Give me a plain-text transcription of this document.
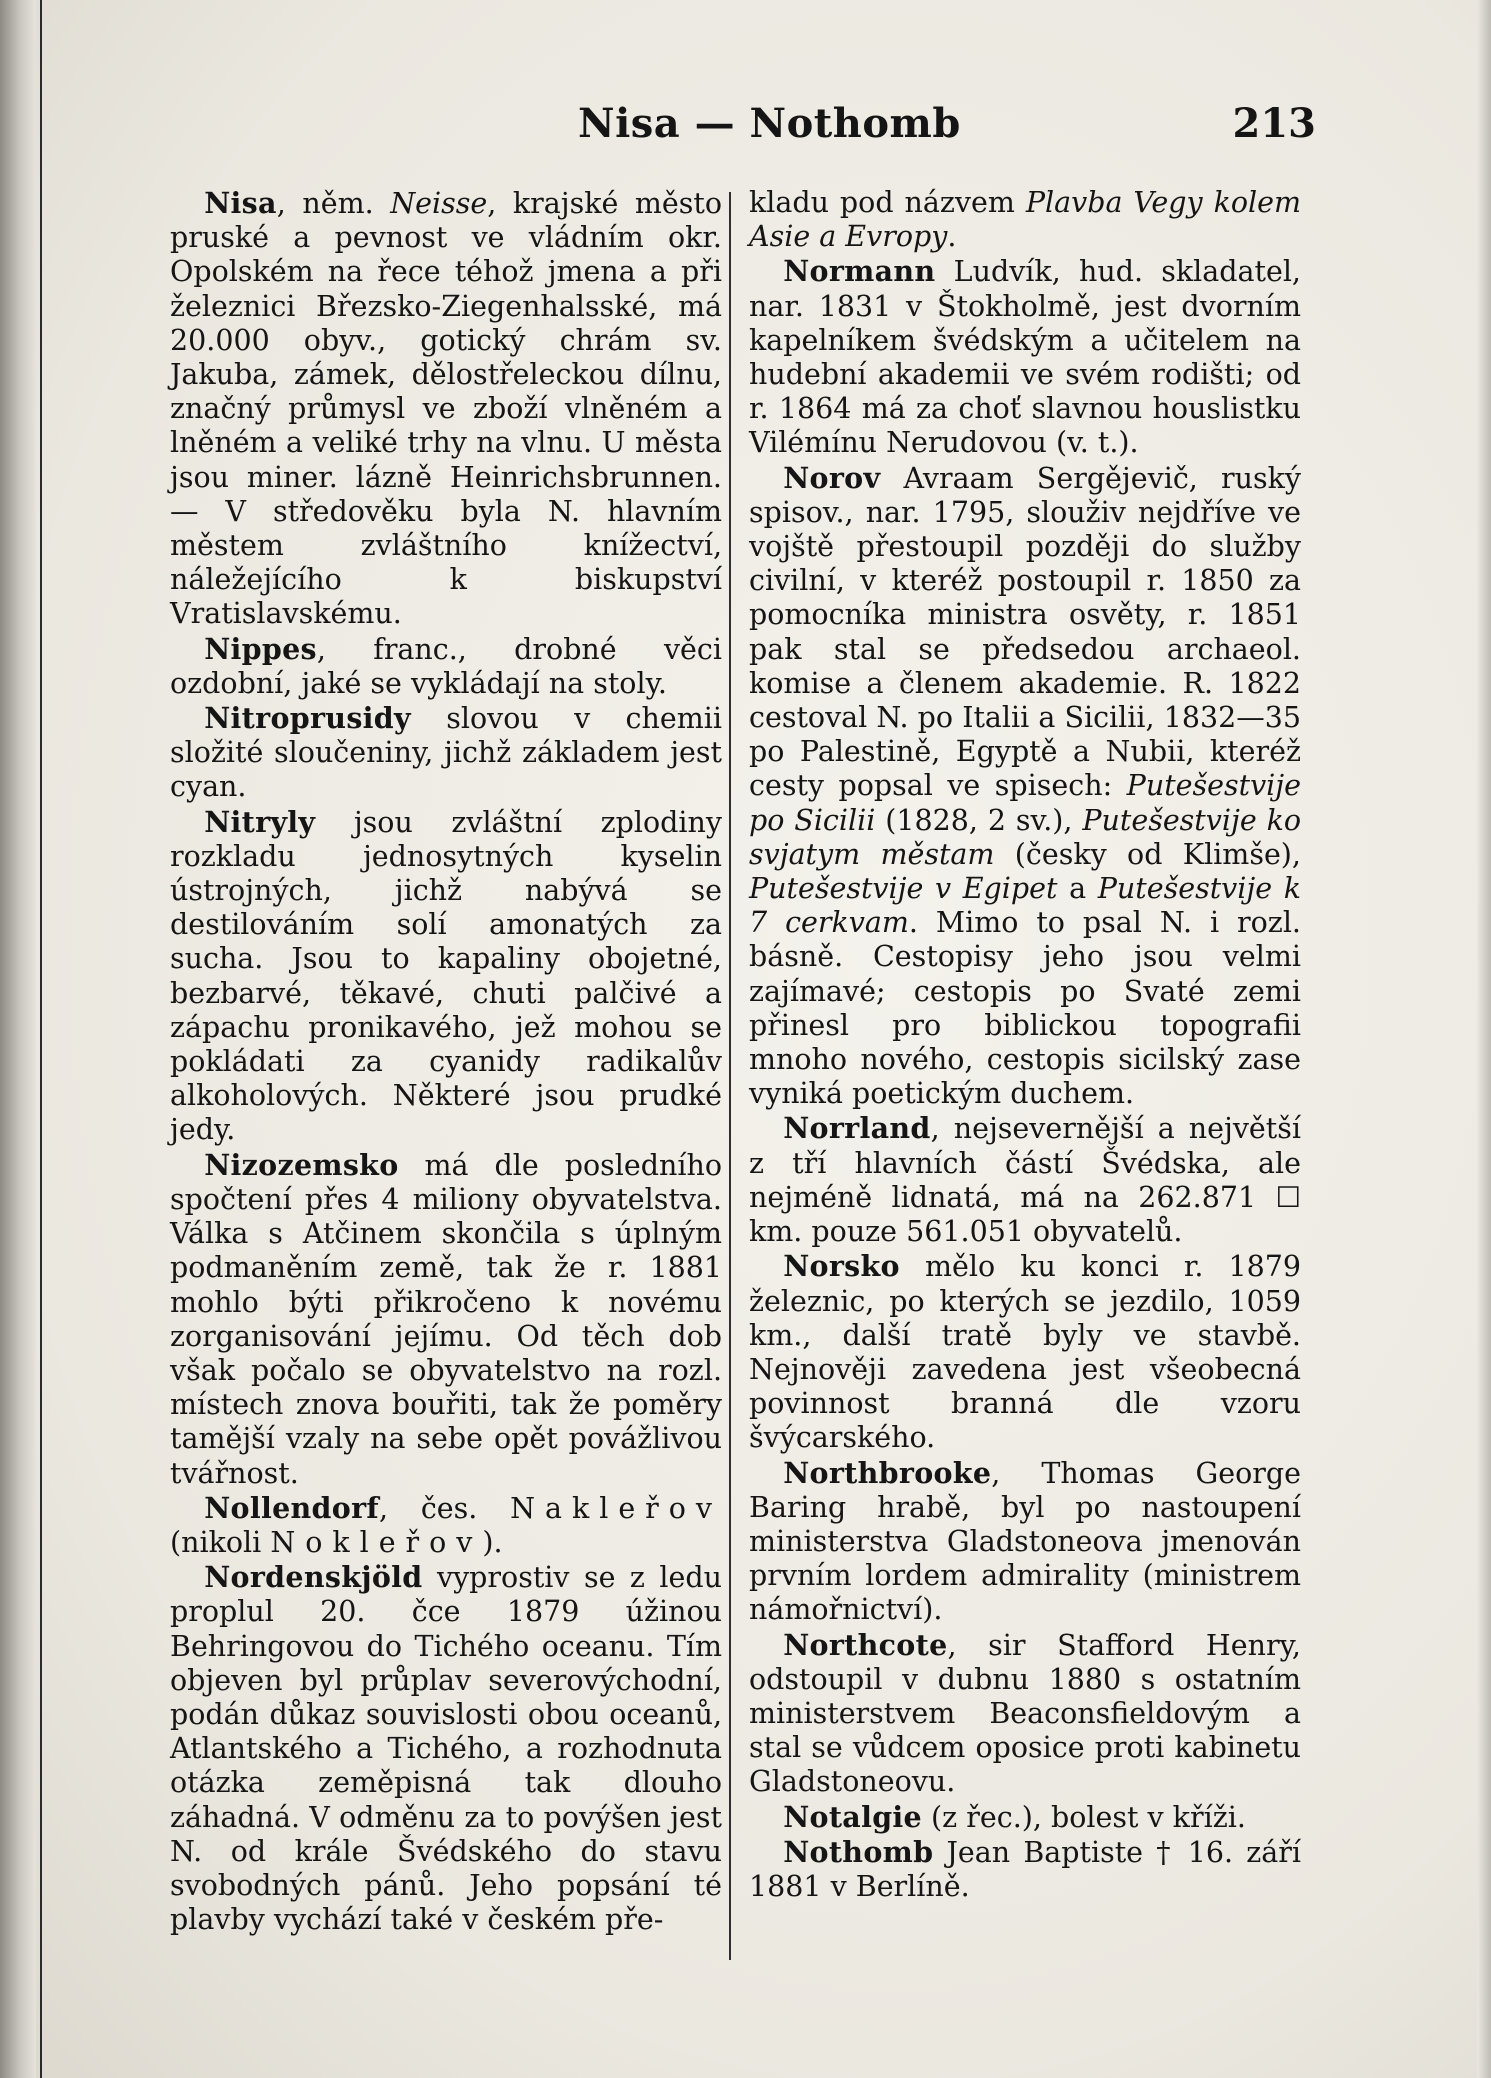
Nisa — Nothomb	213

Nisa, něm. Neisse, krajské město pruské a pevnost ve vládním okr. Opolském na řece téhož jmena a při železnici Březsko-Ziegenhalsské, má 20.000 obyv., gotický chrám sv. Jakuba, zámek, dělostřeleckou dílnu, značný průmysl ve zboží vlněném a lněném a veliké trhy na vlnu. U města jsou miner. lázně Heinrichsbrunnen. — V středověku byla N. hlavním městem zvláštního knížectví, náležejícího k biskupství Vratislavskému.

Nippes, franc., drobné věci ozdobní, jaké se vykládají na stoly.

Nitroprusidy slovou v chemii složité sloučeniny, jichž základem jest cyan.

Nitryly jsou zvláštní zplodiny rozkladu jednosytných kyselin ústrojných, jichž nabývá se destilováním solí amonatých za sucha. Jsou to kapaliny obojetné, bezbarvé, těkavé, chuti palčivé a zápachu pronikavého, jež mohou se pokládati za cyanidy radikalův alkoholových. Některé jsou prudké jedy.

Nizozemsko má dle posledního spočtení přes 4 miliony obyvatelstva. Válka s Atčinem skončila s úplným podmaněním země, tak že r. 1881 mohlo býti přikročeno k novému zorganisování jejímu. Od těch dob však počalo se obyvatelstvo na rozl. místech znova bouřiti, tak že poměry tamější vzaly na sebe opět povážlivou tvářnost.

Nollendorf, čes. Nakleřov (nikoli Nokleřov).

Nordenskjöld vyprostiv se z ledu proplul 20. čce 1879 úžinou Behringovou do Tichého oceanu. Tím objeven byl průplav severovýchodní, podán důkaz souvislosti obou oceanů, Atlantského a Tichého, a rozhodnuta otázka zeměpisná tak dlouho záhadná. V odměnu za to povýšen jest N. od krále Švédského do stavu svobodných pánů. Jeho popsání té plavby vychází také v českém pře-

kladu pod názvem Plavba Vegy kolem Asie a Evropy.

Normann Ludvík, hud. skladatel, nar. 1831 v Štokholmě, jest dvorním kapelníkem švédským a učitelem na hudební akademii ve svém rodišti; od r. 1864 má za choť slavnou houslistku Vilémínu Nerudovou (v. t.).

Norov Avraam Sergějevič, ruský spisov., nar. 1795, slouživ nejdříve ve vojště přestoupil později do služby civilní, v kteréž postoupil r. 1850 za pomocníka ministra osvěty, r. 1851 pak stal se předsedou archaeol. komise a členem akademie. R. 1822 cestoval N. po Italii a Sicilii, 1832—35 po Palestině, Egyptě a Nubii, kteréž cesty popsal ve spisech: Putešestvije po Sicilii (1828, 2 sv.), Putešestvije ko svjatym městam (česky od Klimše), Putešestvije v Egipet a Putešestvije k 7 cerkvam. Mimo to psal N. i rozl. básně. Cestopisy jeho jsou velmi zajímavé; cestopis po Svaté zemi přinesl pro biblickou topografii mnoho nového, cestopis sicilský zase vyniká poetickým duchem.

Norrland, nejsevernější a největší z tří hlavních částí Švédska, ale nejméně lidnatá, má na 262.871 ☐ km. pouze 561.051 obyvatelů.

Norsko mělo ku konci r. 1879 železnic, po kterých se jezdilo, 1059 km., další tratě byly ve stavbě. Nejnověji zavedena jest všeobecná povinnost branná dle vzoru švýcarského.

Northbrooke, Thomas George Baring hrabě, byl po nastoupení ministerstva Gladstoneova jmenován prvním lordem admirality (ministrem námořnictví).

Northcote, sir Stafford Henry, odstoupil v dubnu 1880 s ostatním ministerstvem Beaconsfieldovým a stal se vůdcem oposice proti kabinetu Gladstoneovu.

Notalgie (z řec.), bolest v kříži.

Nothomb Jean Baptiste † 16. září 1881 v Berlíně.
